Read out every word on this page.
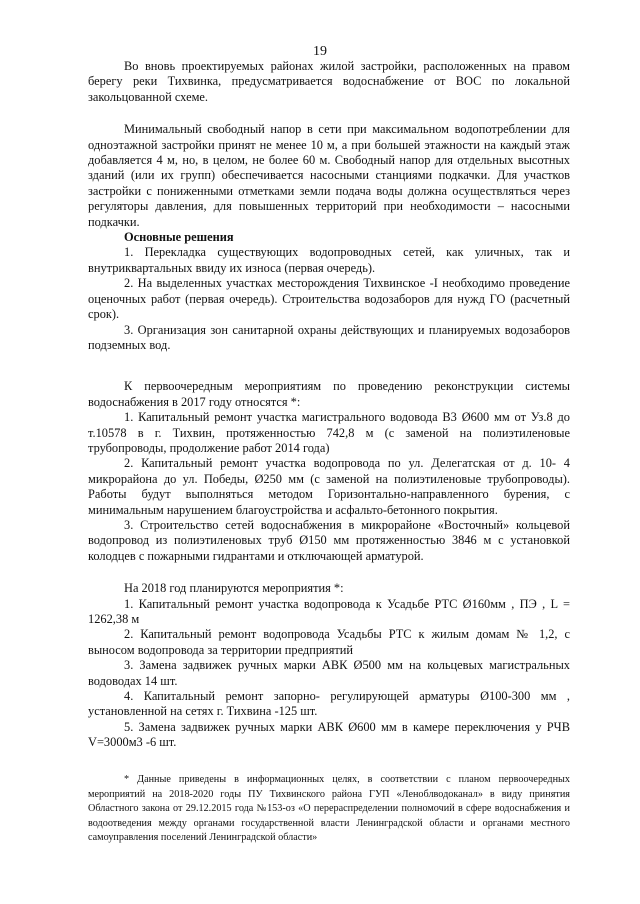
19

Во вновь проектируемых районах жилой застройки, расположенных на правом берегу реки Тихвинка, предусматривается водоснабжение от ВОС по локальной закольцованной схеме.

Минимальный свободный напор в сети при максимальном водопотреблении для одноэтажной застройки принят не менее 10 м, а при большей этажности на каждый этаж добавляется 4 м, но, в целом, не более 60 м. Свободный напор для отдельных высотных зданий (или их групп) обеспечивается насосными станциями подкачки. Для участков застройки с пониженными отметками земли подача воды должна осуществляться через регуляторы давления, для повышенных территорий при необходимости – насосными подкачки.

Основные решения

1. Перекладка существующих водопроводных сетей, как уличных, так и внутриквартальных ввиду их износа (первая очередь).

2. На выделенных участках месторождения Тихвинское -I необходимо проведение оценочных работ (первая очередь). Строительства водозаборов для нужд ГО (расчетный срок).

3. Организация зон санитарной охраны действующих и планируемых водозаборов подземных вод.

К первоочередным мероприятиям по проведению реконструкции системы водоснабжения в 2017 году относятся *:

1. Капитальный ремонт участка магистрального водовода В3 Ø600 мм от Уз.8 до т.10578 в г. Тихвин, протяженностью 742,8 м (с заменой на полиэтиленовые трубопроводы, продолжение работ 2014 года)

2. Капитальный ремонт участка водопровода по ул. Делегатская от д. 10- 4 микрорайона до ул. Победы, Ø250 мм (с заменой на полиэтиленовые трубопроводы). Работы будут выполняться методом Горизонтально-направленного бурения, с минимальным нарушением благоустройства и асфальто-бетонного покрытия.

3. Строительство сетей водоснабжения в микрорайоне «Восточный» кольцевой водопровод из полиэтиленовых труб Ø150 мм протяженностью 3846 м с установкой колодцев с пожарными гидрантами и отключающей арматурой.

На 2018 год планируются мероприятия *:

1. Капитальный ремонт участка водопровода к Усадьбе РТС Ø160мм , ПЭ , L = 1262,38 м

2. Капитальный ремонт водопровода Усадьбы РТС к жилым домам № 1,2, с выносом водопровода за территории предприятий

3. Замена задвижек ручных марки АВК Ø500 мм на кольцевых магистральных водоводах 14 шт.

4. Капитальный ремонт запорно- регулирующей арматуры Ø100-300 мм , установленной на сетях г. Тихвина -125 шт.

5. Замена задвижек ручных марки АВК Ø600 мм в камере переключения у РЧВ V=3000м3 -6 шт.

* Данные приведены в информационных целях, в соответствии с планом первоочередных мероприятий на 2018-2020 годы ПУ Тихвинского района ГУП «Леноблводоканал» в виду принятия Областного закона от 29.12.2015 года №153-оз «О перераспределении полномочий в сфере водоснабжения и водоотведения между органами государственной власти Ленинградской области и органами местного самоуправления поселений Ленинградской области»
